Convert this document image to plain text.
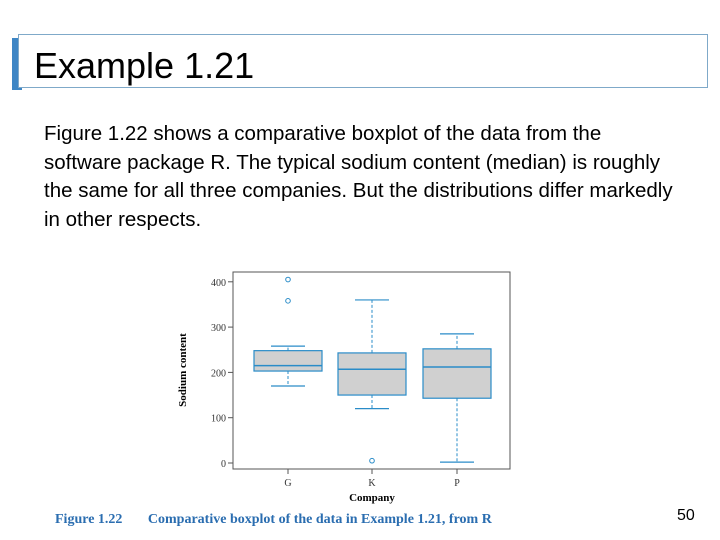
Example 1.21
Figure 1.22 shows a comparative boxplot of the data from the software package R. The typical sodium content (median) is roughly the same for all three companies. But the distributions differ markedly in other respects.
Sodium content
Company
0
100
200
300
400
G	K	P
Figure 1.22 Comparative boxplot of the data in Example 1.21, from R	50
